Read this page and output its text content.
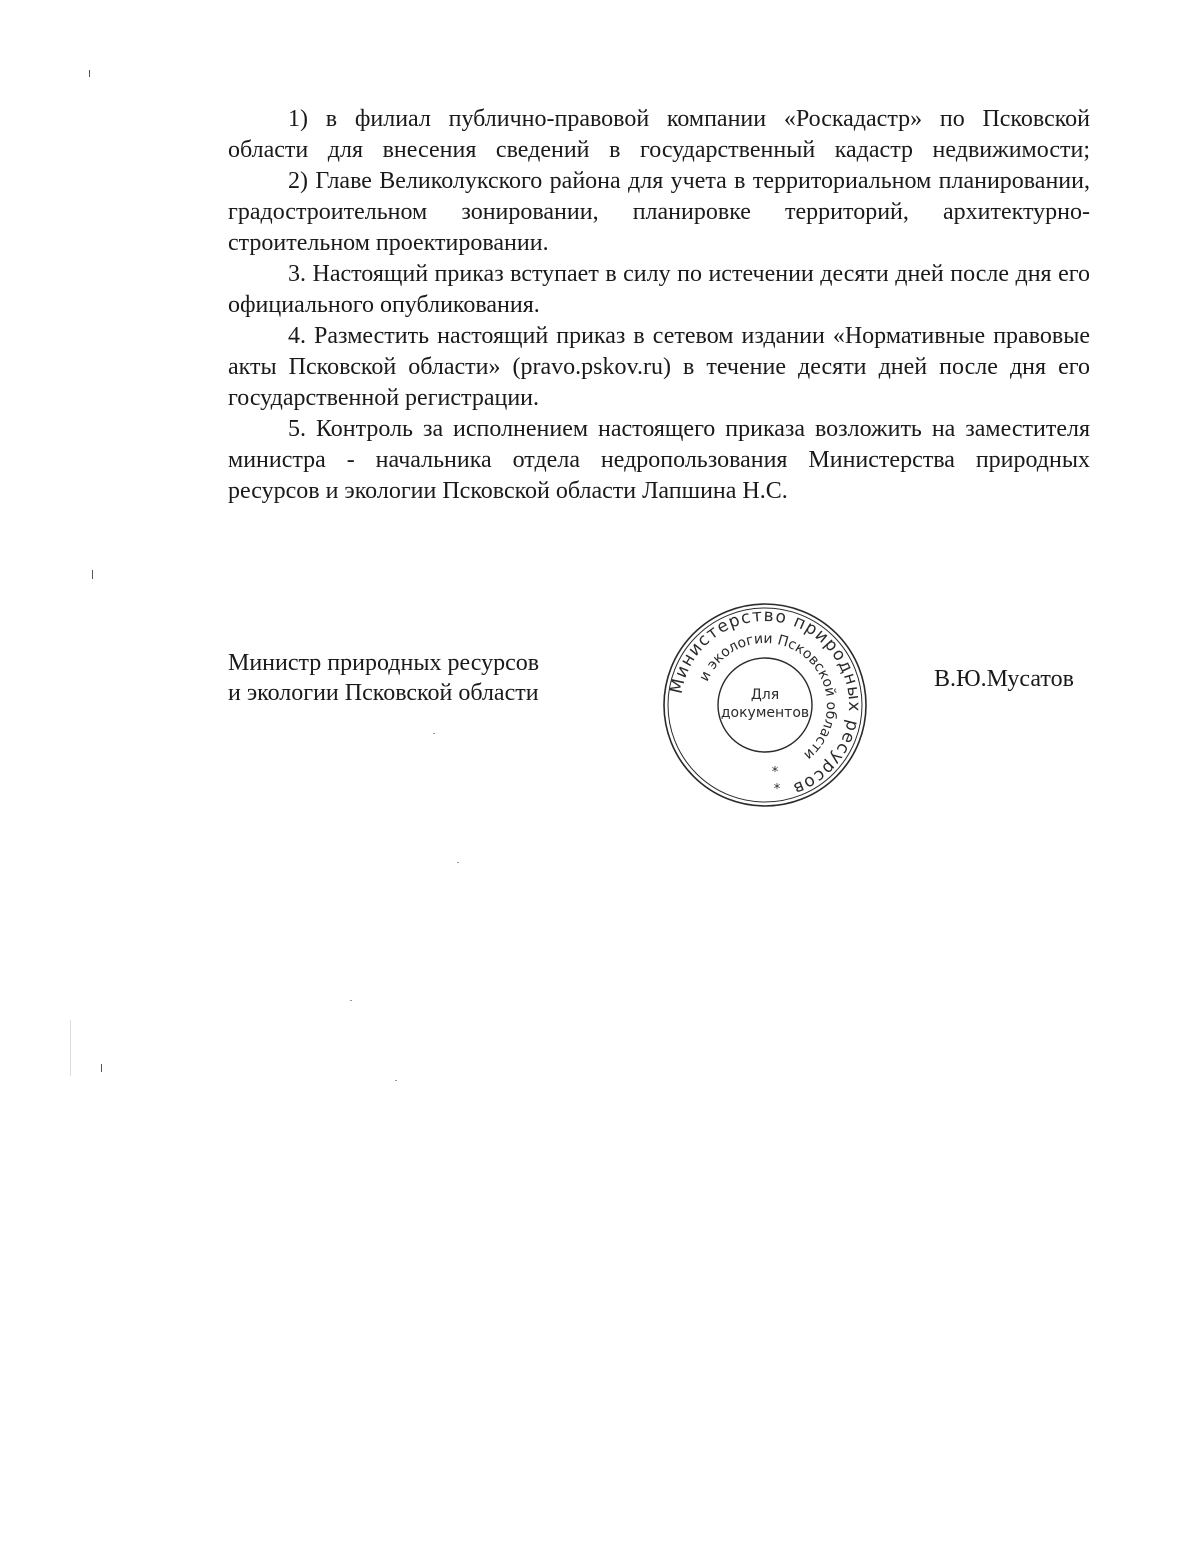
1) в филиал публично-правовой компании «Роскадастр» по Псковской области для внесения сведений в государственный кадастр недвижимости;

2) Главе Великолукского района для учета в территориальном планировании, градостроительном зонировании, планировке территорий, архитектурно-строительном проектировании.

3. Настоящий приказ вступает в силу по истечении десяти дней после дня его официального опубликования.

4. Разместить настоящий приказ в сетевом издании «Нормативные правовые акты Псковской области» (pravo.pskov.ru) в течение десяти дней после дня его государственной регистрации.

5. Контроль за исполнением настоящего приказа возложить на заместителя министра - начальника отдела недропользования Министерства природных ресурсов и экологии Псковской области Лапшина Н.С.

Министр природных ресурсов
и экологии Псковской области
В.Ю.Мусатов
Министерство природных ресурсов
и экологии Псковской области
Для
документов
*
*
